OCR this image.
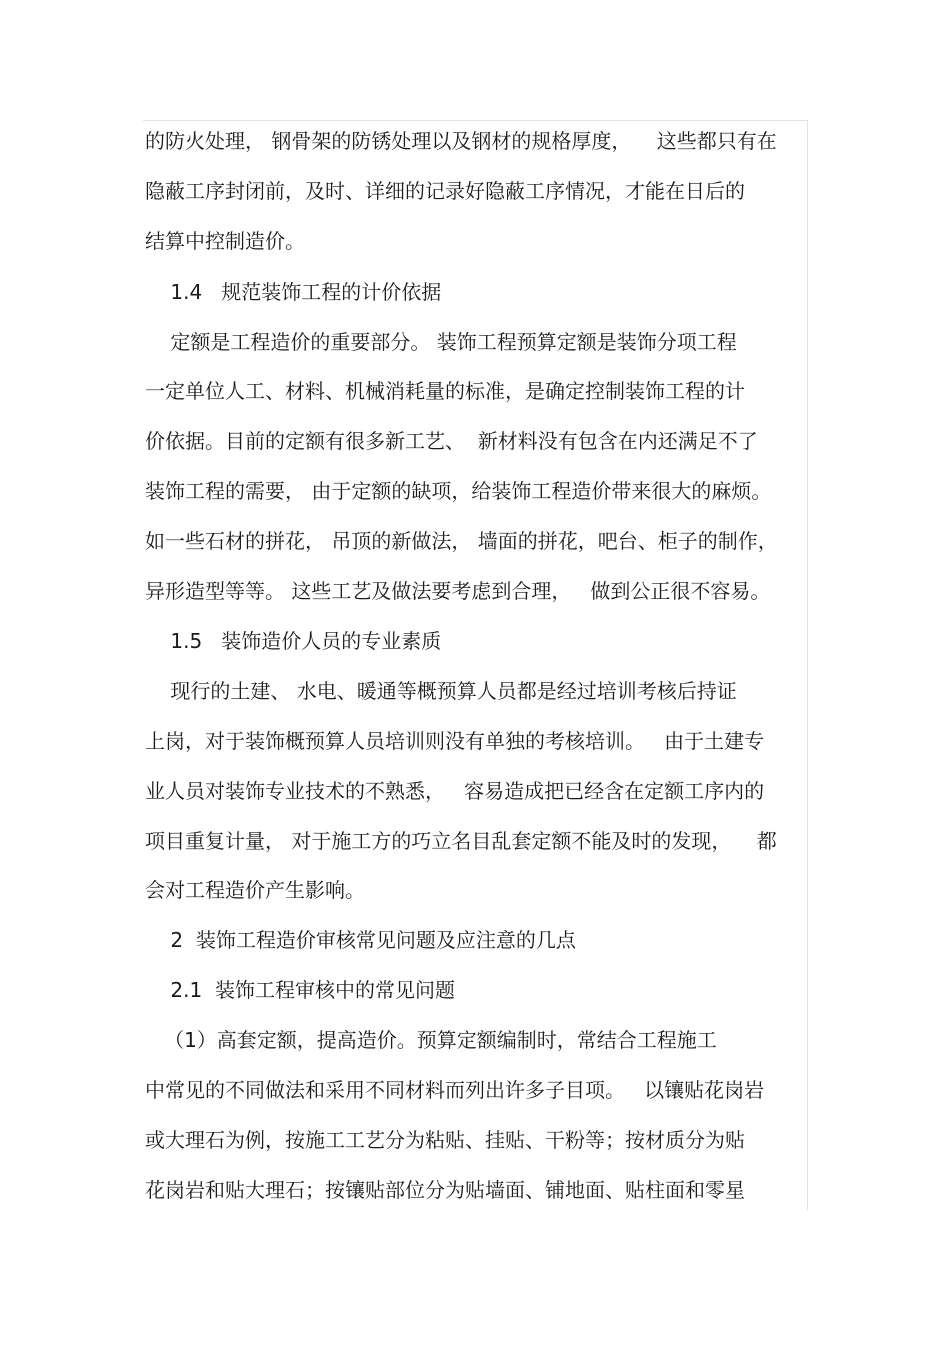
的防火处理， 钢骨架的防锈处理以及钢材的规格厚度，    这些都只有在
隐蔽工序封闭前，及时、详细的记录好隐蔽工序情况，才能在日后的
结算中控制造价。
1.4   规范装饰工程的计价依据
定额是工程造价的重要部分。 装饰工程预算定额是装饰分项工程
一定单位人工、材料、机械消耗量的标准，是确定控制装饰工程的计
价依据。目前的定额有很多新工艺、  新材料没有包含在内还满足不了
装饰工程的需要， 由于定额的缺项，给装饰工程造价带来很大的麻烦。
如一些石材的拼花， 吊顶的新做法， 墙面的拼花，吧台、柜子的制作，
异形造型等等。 这些工艺及做法要考虑到合理，   做到公正很不容易。
1.5   装饰造价人员的专业素质
现行的土建、 水电、暖通等概预算人员都是经过培训考核后持证
上岗，对于装饰概预算人员培训则没有单独的考核培训。   由于土建专
业人员对装饰专业技术的不熟悉，   容易造成把已经含在定额工序内的
项目重复计量， 对于施工方的巧立名目乱套定额不能及时的发现，    都
会对工程造价产生影响。
2  装饰工程造价审核常见问题及应注意的几点
2.1  装饰工程审核中的常见问题
（1）高套定额，提高造价。预算定额编制时，常结合工程施工
中常见的不同做法和采用不同材料而列出许多子目项。   以镶贴花岗岩
或大理石为例，按施工工艺分为粘贴、挂贴、干粉等；按材质分为贴
花岗岩和贴大理石；按镶贴部位分为贴墙面、铺地面、贴柱面和零星
